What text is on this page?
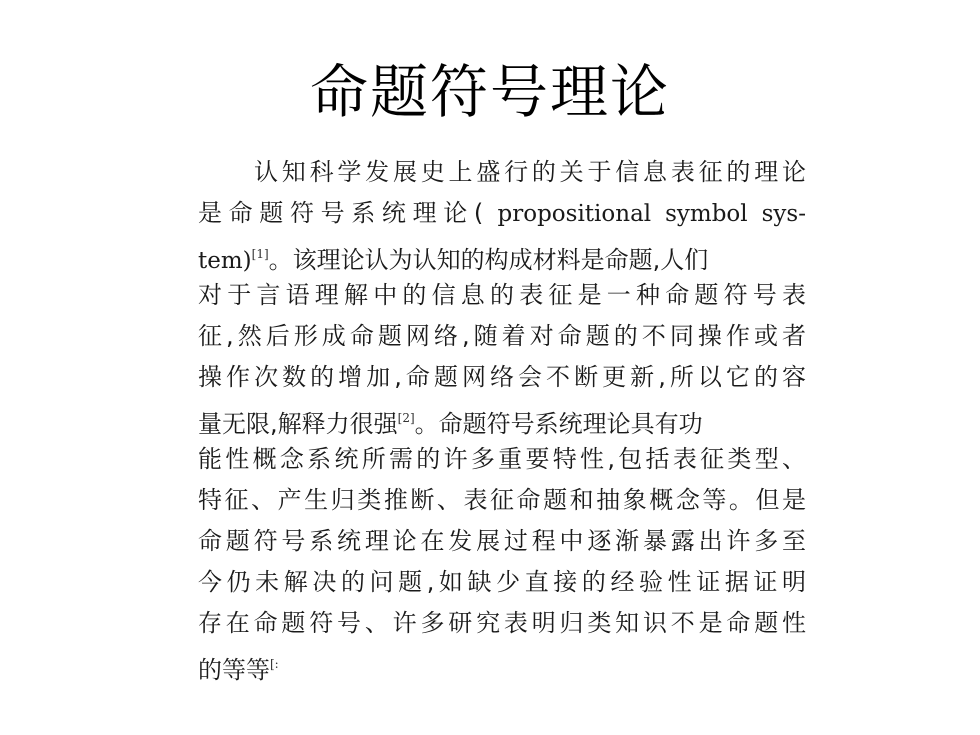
命题符号理论
认知科学发展史上盛行的关于信息表征的理论
是命题符号系统理论( propositional symbol sys-
tem)[1]。该理论认为认知的构成材料是命题,人们
对于言语理解中的信息的表征是一种命题符号表
征,然后形成命题网络,随着对命题的不同操作或者
操作次数的增加,命题网络会不断更新,所以它的容
量无限,解释力很强[2]。命题符号系统理论具有功
能性概念系统所需的许多重要特性,包括表征类型、
特征、产生归类推断、表征命题和抽象概念等。但是
命题符号系统理论在发展过程中逐渐暴露出许多至
今仍未解决的问题,如缺少直接的经验性证据证明
存在命题符号、许多研究表明归类知识不是命题性
的等等[:
